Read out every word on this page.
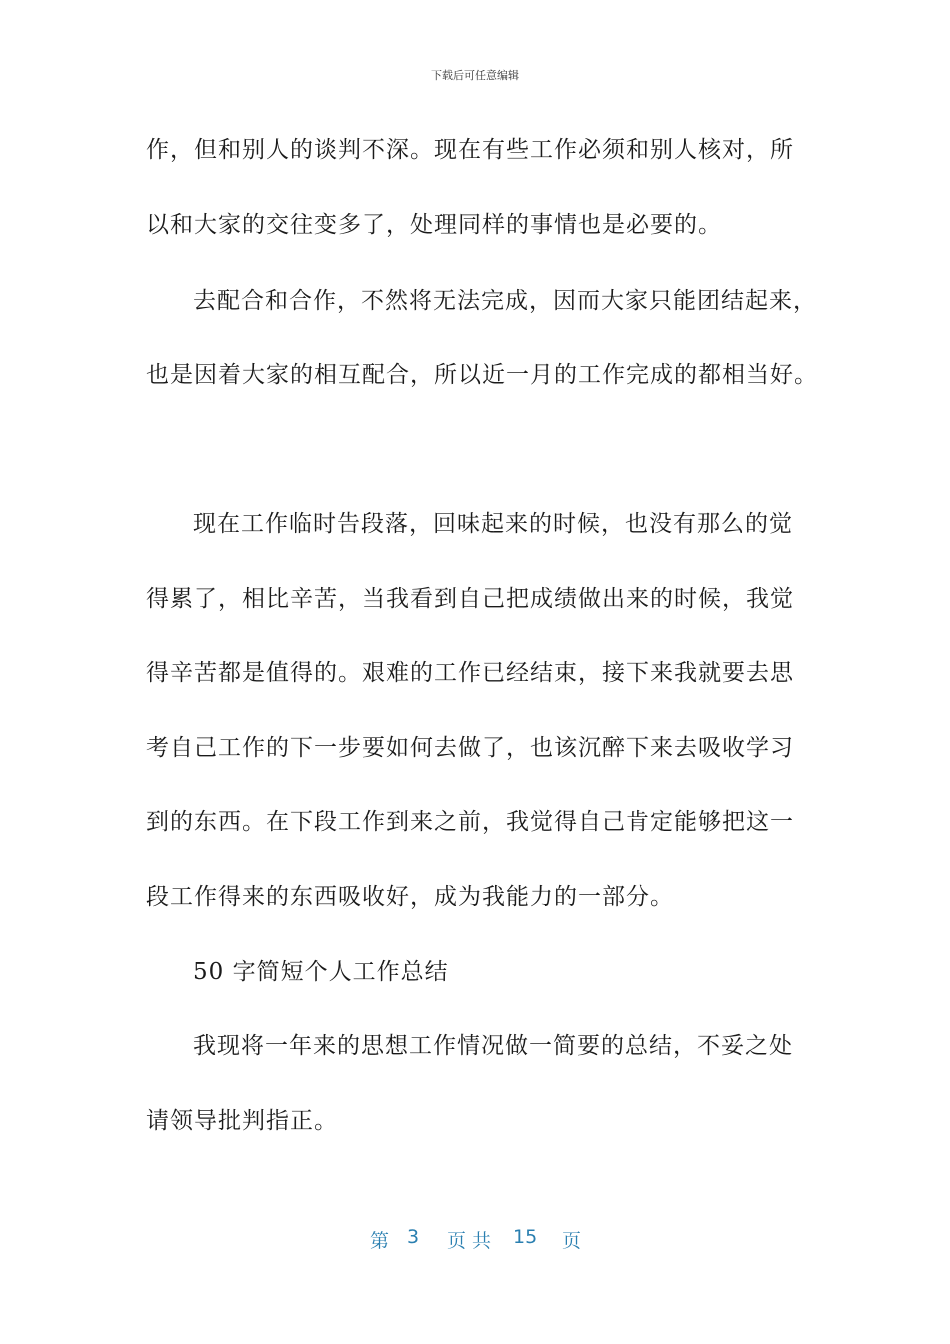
下载后可任意编辑
作，但和别人的谈判不深。现在有些工作必须和别人核对，所
以和大家的交往变多了，处理同样的事情也是必要的。
去配合和合作，不然将无法完成，因而大家只能团结起来，
也是因着大家的相互配合，所以近一月的工作完成的都相当好。
现在工作临时告段落，回味起来的时候，也没有那么的觉
得累了，相比辛苦，当我看到自己把成绩做出来的时候，我觉
得辛苦都是值得的。艰难的工作已经结束，接下来我就要去思
考自己工作的下一步要如何去做了，也该沉醉下来去吸收学习
到的东西。在下段工作到来之前，我觉得自己肯定能够把这一
段工作得来的东西吸收好，成为我能力的一部分。
50 字简短个人工作总结
我现将一年来的思想工作情况做一简要的总结，不妥之处
请领导批判指正。
第 3 页 共 15 页
